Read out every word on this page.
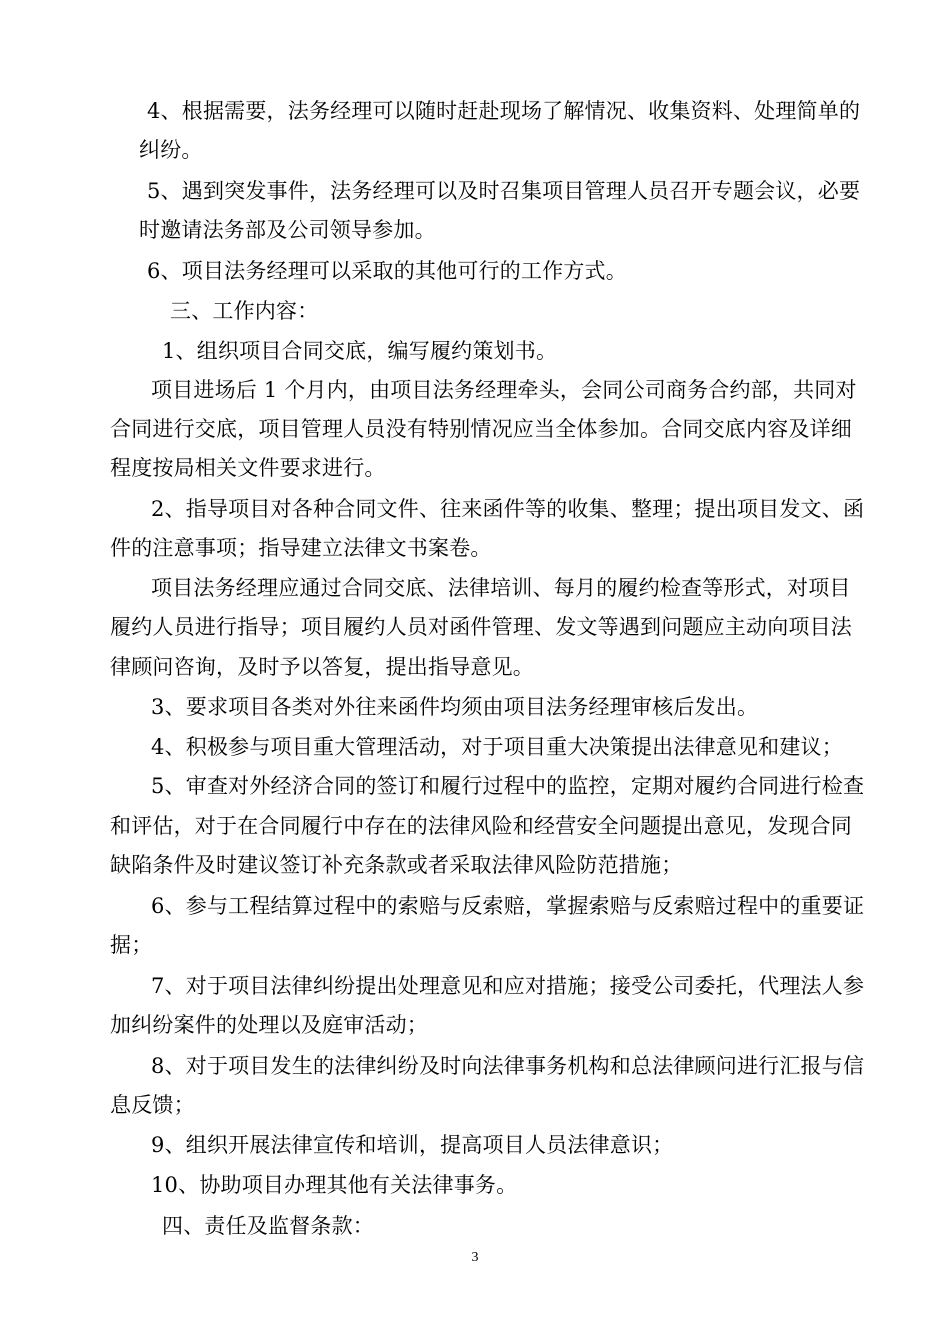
4、根据需要，法务经理可以随时赶赴现场了解情况、收集资料、处理简单的
纠纷。
5、遇到突发事件，法务经理可以及时召集项目管理人员召开专题会议，必要
时邀请法务部及公司领导参加。
6、项目法务经理可以采取的其他可行的工作方式。
三、工作内容：
1、组织项目合同交底，编写履约策划书。
项目进场后 1 个月内，由项目法务经理牵头，会同公司商务合约部，共同对
合同进行交底，项目管理人员没有特别情况应当全体参加。合同交底内容及详细
程度按局相关文件要求进行。
2、指导项目对各种合同文件、往来函件等的收集、整理；提出项目发文、函
件的注意事项；指导建立法律文书案卷。
项目法务经理应通过合同交底、法律培训、每月的履约检查等形式，对项目
履约人员进行指导；项目履约人员对函件管理、发文等遇到问题应主动向项目法
律顾问咨询，及时予以答复，提出指导意见。
3、要求项目各类对外往来函件均须由项目法务经理审核后发出。
4、积极参与项目重大管理活动，对于项目重大决策提出法律意见和建议；
5、审查对外经济合同的签订和履行过程中的监控，定期对履约合同进行检查
和评估，对于在合同履行中存在的法律风险和经营安全问题提出意见，发现合同
缺陷条件及时建议签订补充条款或者采取法律风险防范措施；
6、参与工程结算过程中的索赔与反索赔，掌握索赔与反索赔过程中的重要证
据；
7、对于项目法律纠纷提出处理意见和应对措施；接受公司委托，代理法人参
加纠纷案件的处理以及庭审活动；
8、对于项目发生的法律纠纷及时向法律事务机构和总法律顾问进行汇报与信
息反馈；
9、组织开展法律宣传和培训，提高项目人员法律意识；
10、协助项目办理其他有关法律事务。
四、责任及监督条款：
3
